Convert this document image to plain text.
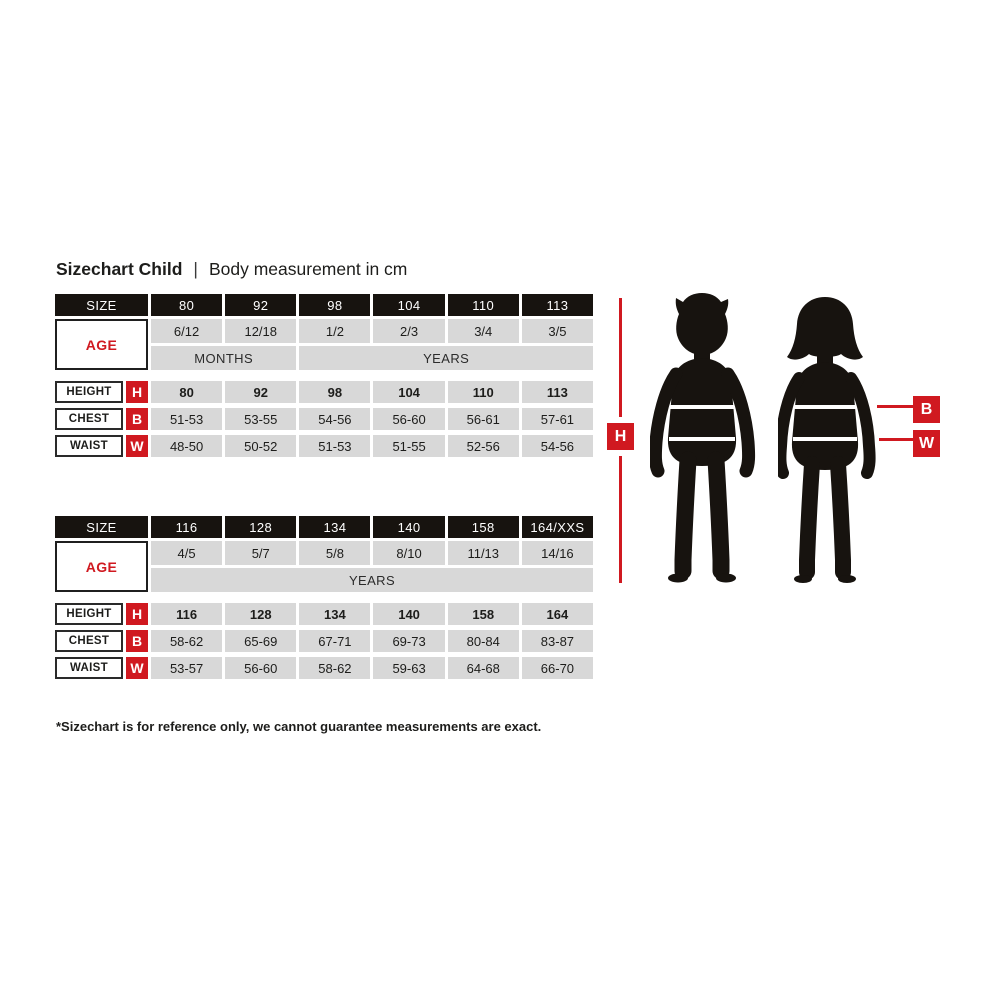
Sizechart Child | Body measurement in cm
SIZE	80	92	98	104	110	113
AGE
6/12	12/18	1/2	2/3	3/4	3/5
MONTHS	YEARS
HEIGHT	H	80	92	98	104	110	113
CHEST	B	51-53	53-55	54-56	56-60	56-61	57-61
WAIST	W	48-50	50-52	51-53	51-55	52-56	54-56
SIZE	116	128	134	140	158	164/XXS
AGE
4/5	5/7	5/8	8/10	11/13	14/16
YEARS
HEIGHT	H	116	128	134	140	158	164
CHEST	B	58-62	65-69	67-71	69-73	80-84	83-87
WAIST	W	53-57	56-60	58-62	59-63	64-68	66-70
H
B
W
*Sizechart is for reference only, we cannot guarantee measurements are exact.
